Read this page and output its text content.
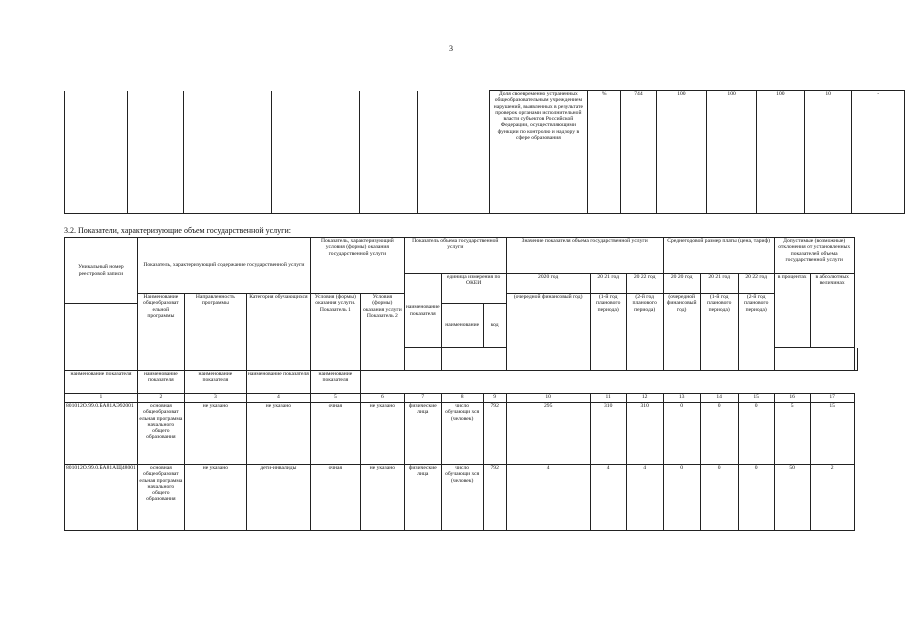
3
						Доля своевременно устраненных общеобразовательным учреждением нарушений, выявленных в результате проверок органами исполнительной власти субъектов Российской Федерации, осуществляющими функции по контролю и надзору в сфере образования	%	744	100	100	100	10	-
3.2. Показатели, характеризующие объем государственной услуги:
Уникальный номер реестровой записи	Показатель, характеризующий содержание государственной услуги			Показатель, характеризующий условия (формы) оказания государственной услуги		Показатель объема государственной услуги			Значение показателя объема государственной услуги			Среднегодовой размер платы (цена, тариф)			Допустимые (возможные) отклонения от установленных показателей объема государственной услуги		
						наименование показателя	единица измерения по ОКЕИ		2020 год	20 21 год	20 22 год	20 20 год	20 21 год	20 22 год	в процентах	в абсолютных величинах	
	Наименование общеобразоват ельной программы	Направленность программы	Категория обучающихся	Условия (формы) оказания услуги. Показатель 1	Условия (формы) оказания услуги Показатель 2				(очередной финансовый год)	(1-й год планового периода)	(2-й год планового периода)	(очередной финансовый год)	(1-й год планового периода)	(2-й год планового периода)			
							наименование	код									

наименование показателя	наименование показателя	наименование показателя	наименование показателя	наименование показателя													
1	2	3	4	5	6	7	8	9	10	11	12	13	14	15	16	17	
801012О.99.0.БА81АЭ92001	основная общеобразоват ельная программа начального общего образования	не указано	не указано	очная	не указано	физические лица	число обучающи хся (человек)	792	295	310	310	0	0	0	5	15	
801012О.99.0.БА81АЩ48001	основная общеобразоват ельная программа начального общего образования	не указано	дети-инвалиды	очная	не указано	физические лица	число обучающи хся (человек)	792	4	4	4	0	0	0	50	2	
